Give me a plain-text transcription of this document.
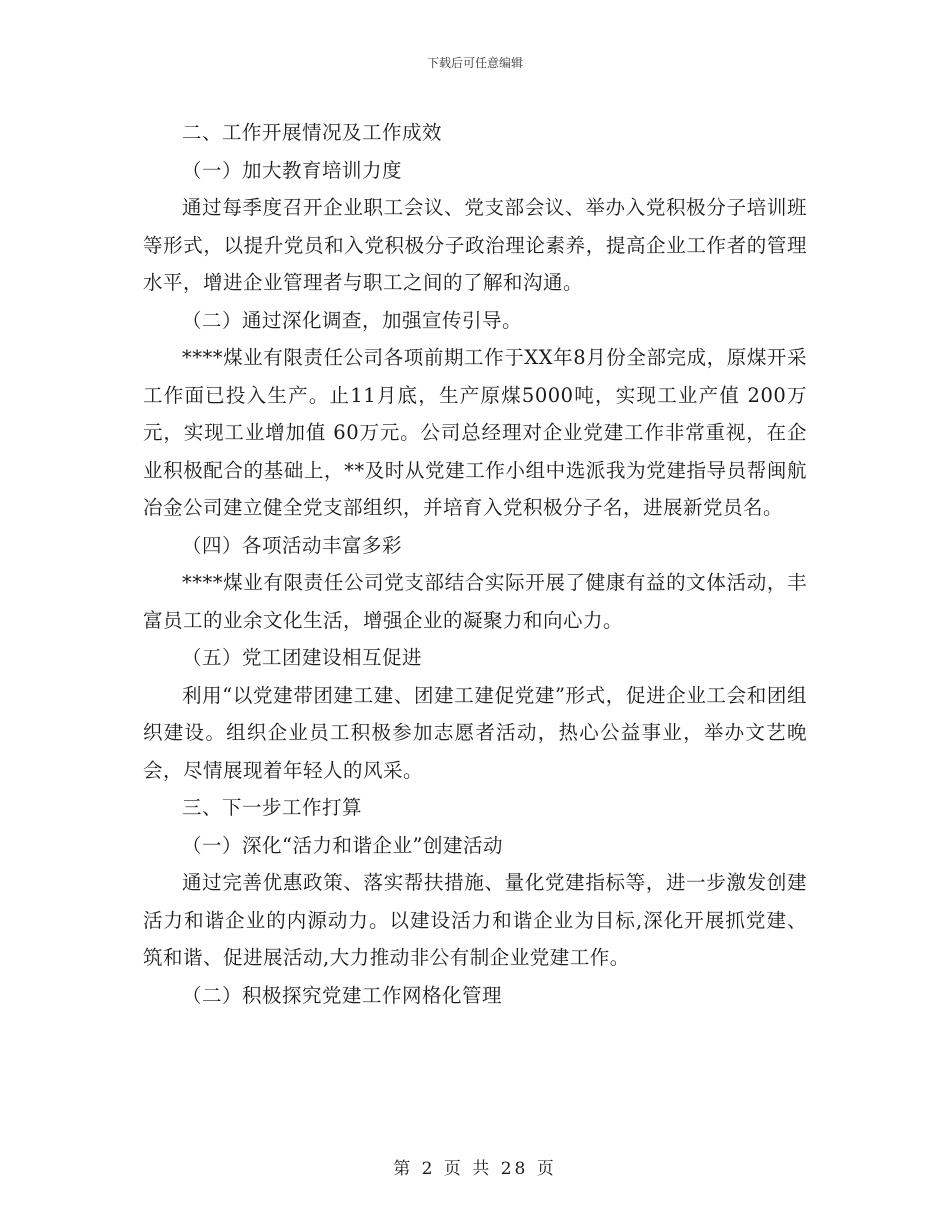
下载后可任意编辑

二、工作开展情况及工作成效

（一）加大教育培训力度

通过每季度召开企业职工会议、党支部会议、举办入党积极分子培训班等形式，以提升党员和入党积极分子政治理论素养，提高企业工作者的管理水平，增进企业管理者与职工之间的了解和沟通。

（二）通过深化调查，加强宣传引导。

****煤业有限责任公司各项前期工作于XX年8月份全部完成，原煤开采工作面已投入生产。止11月底，生产原煤5000吨，实现工业产值 200万元，实现工业增加值 60万元。公司总经理对企业党建工作非常重视，在企业积极配合的基础上，**及时从党建工作小组中选派我为党建指导员帮闽航冶金公司建立健全党支部组织，并培育入党积极分子名，进展新党员名。

（四）各项活动丰富多彩

****煤业有限责任公司党支部结合实际开展了健康有益的文体活动，丰富员工的业余文化生活，增强企业的凝聚力和向心力。

（五）党工团建设相互促进

利用“以党建带团建工建、团建工建促党建”形式，促进企业工会和团组织建设。组织企业员工积极参加志愿者活动，热心公益事业，举办文艺晚会，尽情展现着年轻人的风采。

三、下一步工作打算

（一）深化“活力和谐企业”创建活动

通过完善优惠政策、落实帮扶措施、量化党建指标等，进一步激发创建活力和谐企业的内源动力。以建设活力和谐企业为目标,深化开展抓党建、筑和谐、促进展活动,大力推动非公有制企业党建工作。

（二）积极探究党建工作网格化管理

第 2 页 共 28 页
